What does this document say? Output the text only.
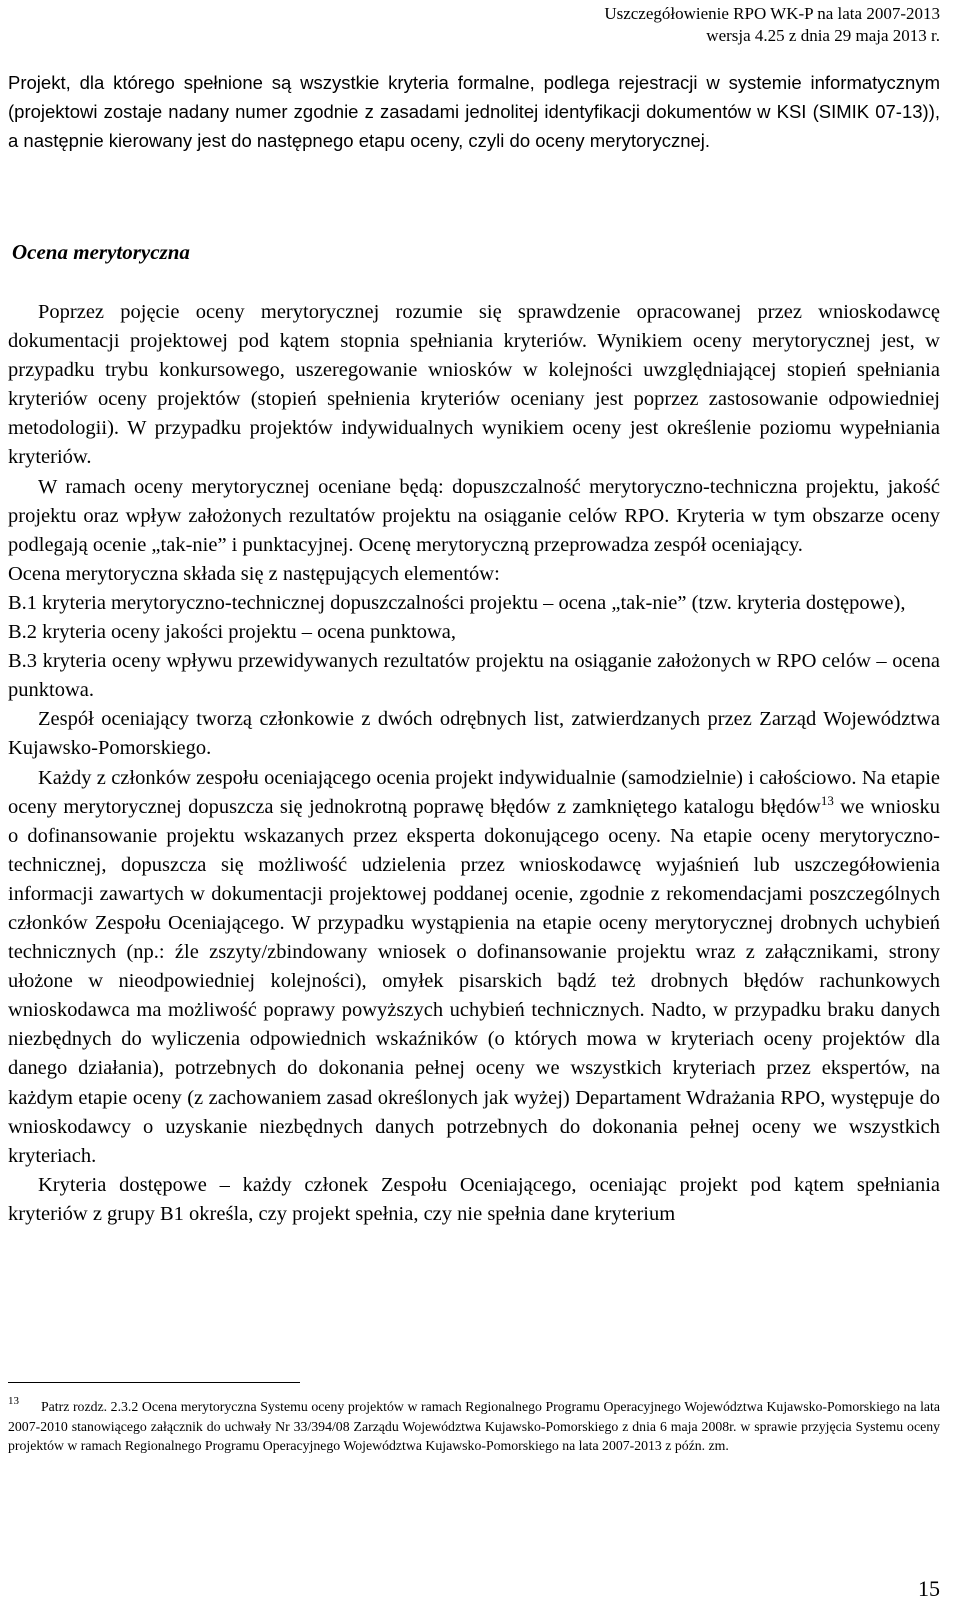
Uszczegółowienie RPO WK-P na lata 2007-2013
wersja 4.25 z dnia 29 maja 2013 r.

Projekt, dla którego spełnione są wszystkie kryteria formalne, podlega rejestracji w systemie informatycznym (projektowi zostaje nadany numer zgodnie z zasadami jednolitej identyfikacji dokumentów w KSI (SIMIK 07-13)), a następnie kierowany jest do następnego etapu oceny, czyli do oceny merytorycznej.

Ocena merytoryczna

Poprzez pojęcie oceny merytorycznej rozumie się sprawdzenie opracowanej przez wnioskodawcę dokumentacji projektowej pod kątem stopnia spełniania kryteriów. Wynikiem oceny merytorycznej jest, w przypadku trybu konkursowego, uszeregowanie wniosków w kolejności uwzględniającej stopień spełniania kryteriów oceny projektów (stopień spełnienia kryteriów oceniany jest poprzez zastosowanie odpowiedniej metodologii). W przypadku projektów indywidualnych wynikiem oceny jest określenie poziomu wypełniania kryteriów.

W ramach oceny merytorycznej oceniane będą: dopuszczalność merytoryczno-techniczna projektu, jakość projektu oraz wpływ założonych rezultatów projektu na osiąganie celów RPO. Kryteria w tym obszarze oceny podlegają ocenie „tak-nie” i punktacyjnej. Ocenę merytoryczną przeprowadza zespół oceniający.

Ocena merytoryczna składa się z następujących elementów:

B.1 kryteria merytoryczno-technicznej dopuszczalności projektu – ocena „tak-nie” (tzw. kryteria dostępowe),

B.2 kryteria oceny jakości projektu – ocena punktowa,

B.3 kryteria oceny wpływu przewidywanych rezultatów projektu na osiąganie założonych w RPO celów – ocena punktowa.

Zespół oceniający tworzą członkowie z dwóch odrębnych list, zatwierdzanych przez Zarząd Województwa Kujawsko-Pomorskiego.

Każdy z członków zespołu oceniającego ocenia projekt indywidualnie (samodzielnie) i całościowo. Na etapie oceny merytorycznej dopuszcza się jednokrotną poprawę błędów z zamkniętego katalogu błędów$^{13}$ we wniosku o dofinansowanie projektu wskazanych przez eksperta dokonującego oceny. Na etapie oceny merytoryczno-technicznej, dopuszcza się możliwość udzielenia przez wnioskodawcę wyjaśnień lub uszczegółowienia informacji zawartych w dokumentacji projektowej poddanej ocenie, zgodnie z rekomendacjami poszczególnych członków Zespołu Oceniającego. W przypadku wystąpienia na etapie oceny merytorycznej drobnych uchybień technicznych (np.: źle zszyty/zbindowany wniosek o dofinansowanie projektu wraz z załącznikami, strony ułożone w nieodpowiedniej kolejności), omyłek pisarskich bądź też drobnych błędów rachunkowych wnioskodawca ma możliwość poprawy powyższych uchybień technicznych. Nadto, w przypadku braku danych niezbędnych do wyliczenia odpowiednich wskaźników (o których mowa w kryteriach oceny projektów dla danego działania), potrzebnych do dokonania pełnej oceny we wszystkich kryteriach przez ekspertów, na każdym etapie oceny (z zachowaniem zasad określonych jak wyżej) Departament Wdrażania RPO, występuje do wnioskodawcy o uzyskanie niezbędnych danych potrzebnych do dokonania pełnej oceny we wszystkich kryteriach.

Kryteria dostępowe – każdy członek Zespołu Oceniającego, oceniając projekt pod kątem spełniania kryteriów z grupy B1 określa, czy projekt spełnia, czy nie spełnia dane kryterium

$^{13}$ Patrz rozdz. 2.3.2 Ocena merytoryczna Systemu oceny projektów w ramach Regionalnego Programu Operacyjnego Województwa Kujawsko-Pomorskiego na lata 2007-2010 stanowiącego załącznik do uchwały Nr 33/394/08 Zarządu Województwa Kujawsko-Pomorskiego z dnia 6 maja 2008r. w sprawie przyjęcia Systemu oceny projektów w ramach Regionalnego Programu Operacyjnego Województwa Kujawsko-Pomorskiego na lata 2007-2013 z późn. zm.

15
